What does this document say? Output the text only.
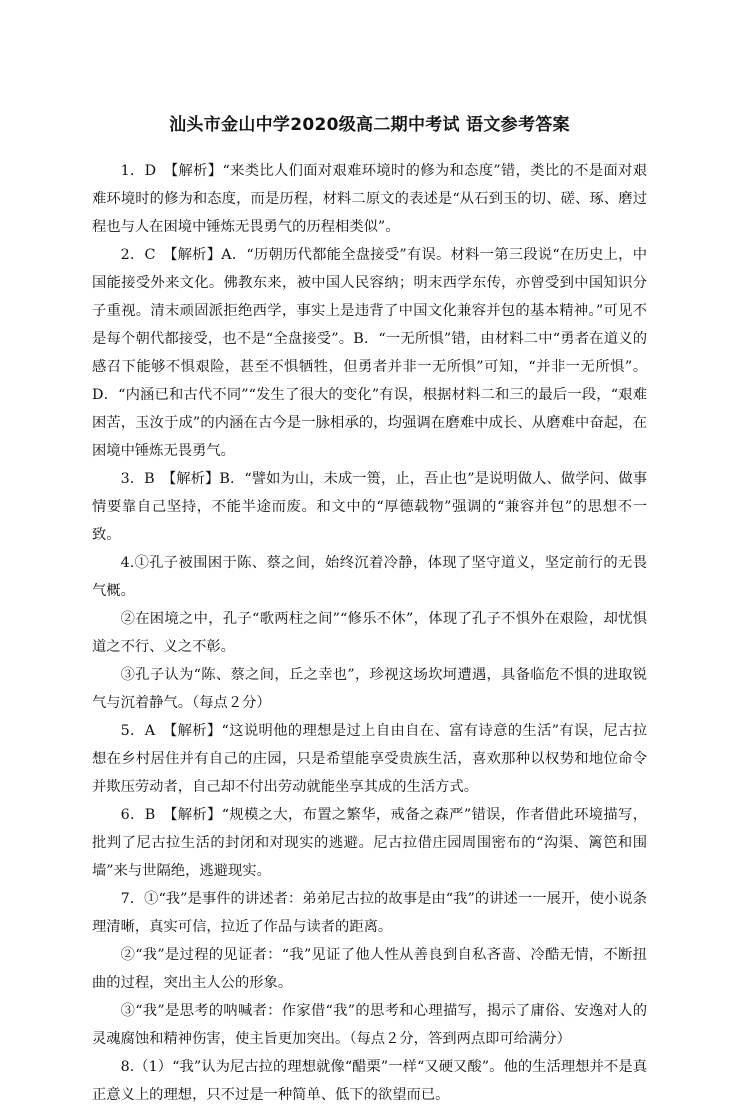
汕头市金山中学2020级高二期中考试 语文参考答案

1．D　【解析】“来类比人们面对艰难环境时的修为和态度”错，类比的不是面对艰难环境时的修为和态度，而是历程，材料二原文的表述是“从石到玉的切、磋、琢、磨过程也与人在困境中锤炼无畏勇气的历程相类似”。

2．C　【解析】A．“历朝历代都能全盘接受”有误。材料一第三段说“在历史上，中国能接受外来文化。佛教东来，被中国人民容纳；明末西学东传，亦曾受到中国知识分子重视。清末顽固派拒绝西学，事实上是违背了中国文化兼容并包的基本精神。”可见不是每个朝代都接受，也不是“全盘接受”。B．“一无所惧”错，由材料二中“勇者在道义的感召下能够不惧艰险，甚至不惧牺牲，但勇者并非一无所惧”可知，“并非一无所惧”。D．“内涵已和古代不同”“发生了很大的变化”有误，根据材料二和三的最后一段，“艰难困苦，玉汝于成”的内涵在古今是一脉相承的，均强调在磨难中成长、从磨难中奋起，在困境中锤炼无畏勇气。

3．B　【解析】B．“譬如为山，未成一篑，止，吾止也”是说明做人、做学问、做事情要靠自己坚持，不能半途而废。和文中的“厚德载物”强调的“兼容并包”的思想不一致。

4.①孔子被围困于陈、蔡之间，始终沉着冷静，体现了坚守道义，坚定前行的无畏气概。

②在困境之中，孔子“歌两柱之间”“修乐不休”，体现了孔子不惧外在艰险，却忧惧道之不行、义之不彰。

③孔子认为“陈、蔡之间，丘之幸也”，珍视这场坎坷遭遇，具备临危不惧的进取锐气与沉着静气。（每点２分）

5．A　【解析】“这说明他的理想是过上自由自在、富有诗意的生活”有误，尼古拉想在乡村居住并有自己的庄园，只是希望能享受贵族生活，喜欢那种以权势和地位命令并欺压劳动者，自己却不付出劳动就能坐享其成的生活方式。

6．B　【解析】“规模之大，布置之繁华，戒备之森严”错误，作者借此环境描写，批判了尼古拉生活的封闭和对现实的逃避。尼古拉借庄园周围密布的“沟渠、篱笆和围墙”来与世隔绝，逃避现实。

7．①“我”是事件的讲述者：弟弟尼古拉的故事是由“我”的讲述一一展开，使小说条理清晰，真实可信，拉近了作品与读者的距离。

②“我”是过程的见证者：“我”见证了他人性从善良到自私吝啬、冷酷无情，不断扭曲的过程，突出主人公的形象。

③“我”是思考的呐喊者：作家借“我”的思考和心理描写，揭示了庸俗、安逸对人的灵魂腐蚀和精神伤害，使主旨更加突出。（每点２分，答到两点即可给满分）

8.（1）“我”认为尼古拉的理想就像“醋栗”一样“又硬又酸”。他的生活理想并不是真正意义上的理想，只不过是一种简单、低下的欲望而已。
